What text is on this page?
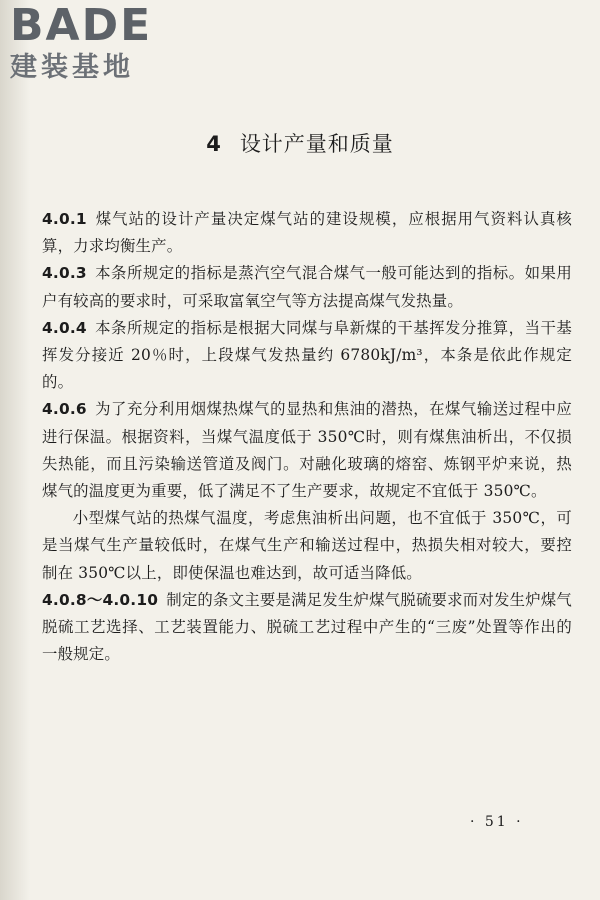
BADE
建装基地
4 设计产量和质量

4.0.1 煤气站的设计产量决定煤气站的建设规模，应根据用气资料认真核算，力求均衡生产。

4.0.3 本条所规定的指标是蒸汽空气混合煤气一般可能达到的指标。如果用户有较高的要求时，可采取富氧空气等方法提高煤气发热量。

4.0.4 本条所规定的指标是根据大同煤与阜新煤的干基挥发分推算，当干基挥发分接近 20％时，上段煤气发热量约 6780kJ/m³，本条是依此作规定的。

4.0.6 为了充分利用烟煤热煤气的显热和焦油的潜热，在煤气输送过程中应进行保温。根据资料，当煤气温度低于 350℃时，则有煤焦油析出，不仅损失热能，而且污染输送管道及阀门。对融化玻璃的熔窑、炼钢平炉来说，热煤气的温度更为重要，低了满足不了生产要求，故规定不宜低于 350℃。

小型煤气站的热煤气温度，考虑焦油析出问题，也不宜低于 350℃，可是当煤气生产量较低时，在煤气生产和输送过程中，热损失相对较大，要控制在 350℃以上，即使保温也难达到，故可适当降低。

4.0.8～4.0.10 制定的条文主要是满足发生炉煤气脱硫要求而对发生炉煤气脱硫工艺选择、工艺装置能力、脱硫工艺过程中产生的“三废”处置等作出的一般规定。

· 51 ·
